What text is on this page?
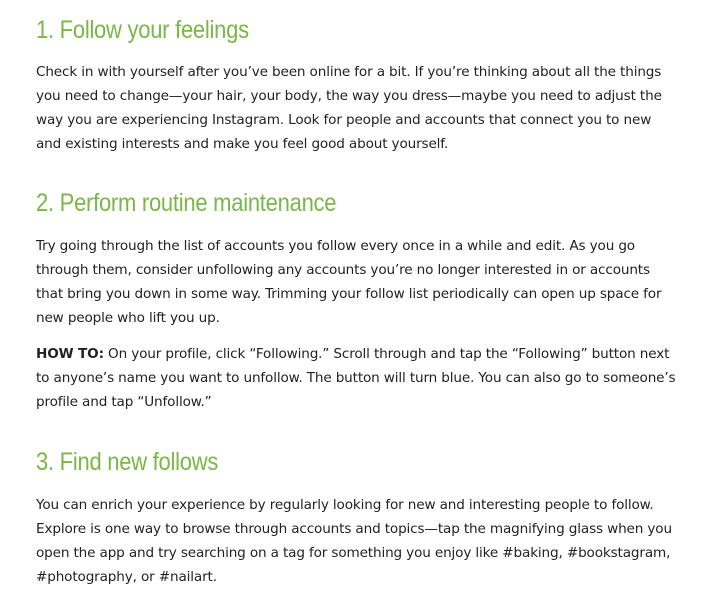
1. Follow your feelings

Check in with yourself after you’ve been online for a bit. If you’re thinking about all the things you need to change—your hair, your body, the way you dress—maybe you need to adjust the way you are experiencing Instagram. Look for people and accounts that connect you to new and existing interests and make you feel good about yourself.

2. Perform routine maintenance

Try going through the list of accounts you follow every once in a while and edit. As you go through them, consider unfollowing any accounts you’re no longer interested in or accounts that bring you down in some way. Trimming your follow list periodically can open up space for new people who lift you up.

HOW TO: On your profile, click “Following.” Scroll through and tap the “Following” button next to anyone’s name you want to unfollow. The button will turn blue. You can also go to someone’s profile and tap “Unfollow.”

3. Find new follows

You can enrich your experience by regularly looking for new and interesting people to follow. Explore is one way to browse through accounts and topics—tap the magnifying glass when you open the app and try searching on a tag for something you enjoy like #baking, #bookstagram, #photography, or #nailart.
